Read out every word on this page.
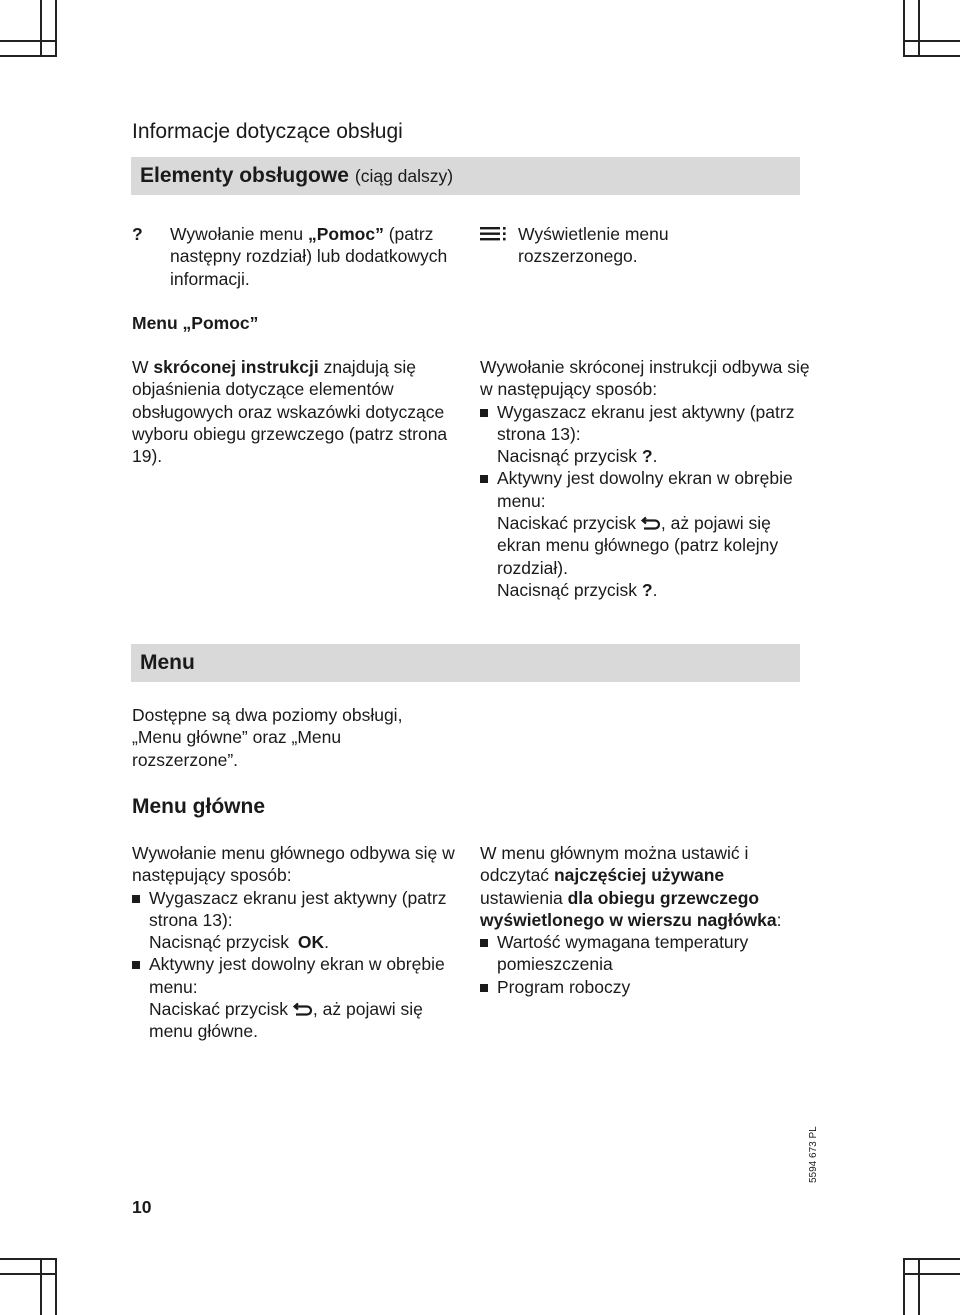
Informacje dotyczące obsługi
Elementy obsługowe (ciąg dalszy)
?	Wywołanie menu „Pomoc” (patrz następny rozdział) lub dodatkowych informacji.

Wyświetlenie menu rozszerzonego.

Menu „Pomoc”

W skróconej instrukcji znajdują się objaśnienia dotyczące elementów obsługowych oraz wskazówki dotyczące wyboru obiegu grzewczego (patrz strona 19).

Wywołanie skróconej instrukcji odbywa się w następujący sposób:

Wygaszacz ekranu jest aktywny (patrz strona 13):
Nacisnąć przycisk ?.
Aktywny jest dowolny ekran w obrębie menu:
Naciskać przycisk , aż pojawi się ekran menu głównego (patrz kolejny rozdział).
Nacisnąć przycisk ?.
Menu

Dostępne są dwa poziomy obsługi, „Menu główne” oraz „Menu rozszerzone”.

Menu główne

Wywołanie menu głównego odbywa się w następujący sposób:

Wygaszacz ekranu jest aktywny (patrz strona 13):
Nacisnąć przycisk OK.
Aktywny jest dowolny ekran w obrębie menu:
Naciskać przycisk , aż pojawi się menu główne.

W menu głównym można ustawić i odczytać najczęściej używane ustawienia dla obiegu grzewczego wyświetlonego w wierszu nagłówka:

Wartość wymagana temperatury pomieszczenia
Program roboczy
10
5594 673 PL
